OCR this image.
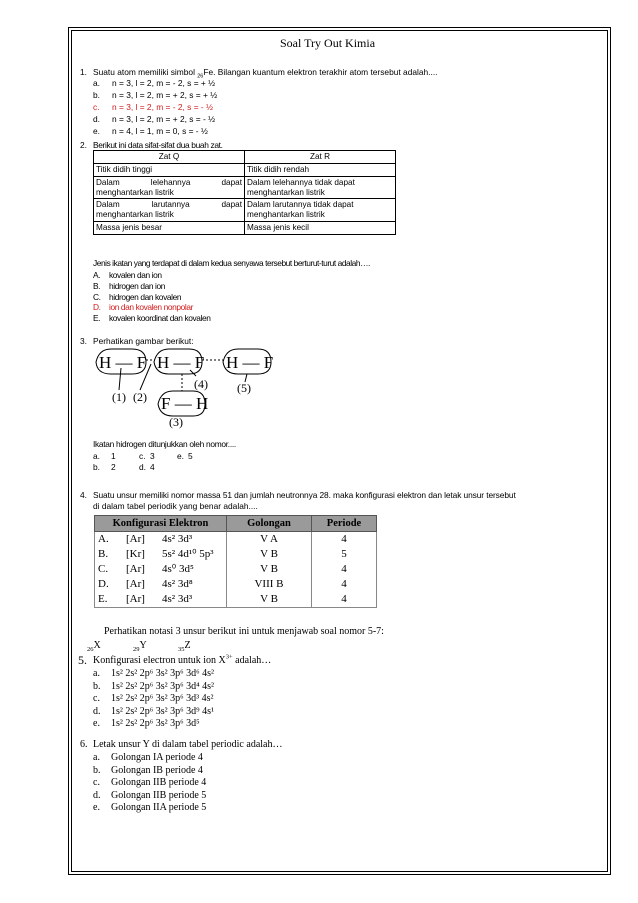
Soal Try Out Kimia
1. Suatu atom memiliki simbol $_{26}$Fe. Bilangan kuantum elektron terakhir atom tersebut adalah....
a. n = 3, l = 2, m = - 2, s = + ½
b. n = 3, l = 2, m = + 2, s = + ½
c. n = 3, l = 2, m = - 2, s = - ½
d. n = 3, l = 2, m = + 2, s = - ½
e. n = 4, l = 1, m = 0, s = - ½
2. Berikut ini data sifat-sifat dua buah zat.
Zat Q	Zat R
Titik didih tinggi	Titik didih rendah
Dalam lelehannya dapat menghantarkan listrik	Dalam lelehannya tidak dapat menghantarkan listrik
Dalam larutannya dapat menghantarkan listrik	Dalam larutannya tidak dapat menghantarkan listrik
Massa jenis besar	Massa jenis kecil
Jenis ikatan yang terdapat di dalam kedua senyawa tersebut berturut-turut adalah….
A. kovalen dan ion
B. hidrogen dan ion
C. hidrogen dan kovalen
D. ion dan kovalen nonpolar
E. kovalen koordinat dan kovalen
3. Perhatikan gambar berikut:
H — F H — F H — F
F — H
(1) (2)
(3)
(4) (5)
Ikatan hidrogen ditunjukkan oleh nomor....
a. 1	c. 3	e. 5
b. 2	d. 4
4. Suatu unsur memiliki nomor massa 51 dan jumlah neutronnya 28. maka konfigurasi elektron dan letak unsur tersebut
di dalam tabel periodik yang benar adalah....
Konfigurasi Elektron			Golongan	Periode
A.	[Ar]	4s² 3d³	V A	4
B.	[Kr]	5s² 4d¹⁰ 5p³	V B	5
C.	[Ar]	4s⁰ 3d⁵	V B	4
D.	[Ar]	4s² 3d⁸	VIII B	4
E.	[Ar]	4s² 3d³	V B	4
Perhatikan notasi 3 unsur berikut ini untuk menjawab soal nomor 5-7:
$_{26}$X	$_{29}$Y	$_{35}$Z
5. Konfigurasi electron untuk ion $X^{3+}$ adalah…
a. 1s² 2s² 2p⁶ 3s² 3p⁶ 3d⁶ 4s²
b. 1s² 2s² 2p⁶ 3s² 3p⁶ 3d⁴ 4s²
c. 1s² 2s² 2p⁶ 3s² 3p⁶ 3d³ 4s²
d. 1s² 2s² 2p⁶ 3s² 3p⁶ 3d⁹ 4s¹
e. 1s² 2s² 2p⁶ 3s² 3p⁶ 3d⁵
6. Letak unsur Y di dalam tabel periodic adalah…
a. Golongan IA periode 4
b. Golongan IB periode 4
c. Golongan IIB periode 4
d. Golongan IIB periode 5
e. Golongan IIA periode 5
